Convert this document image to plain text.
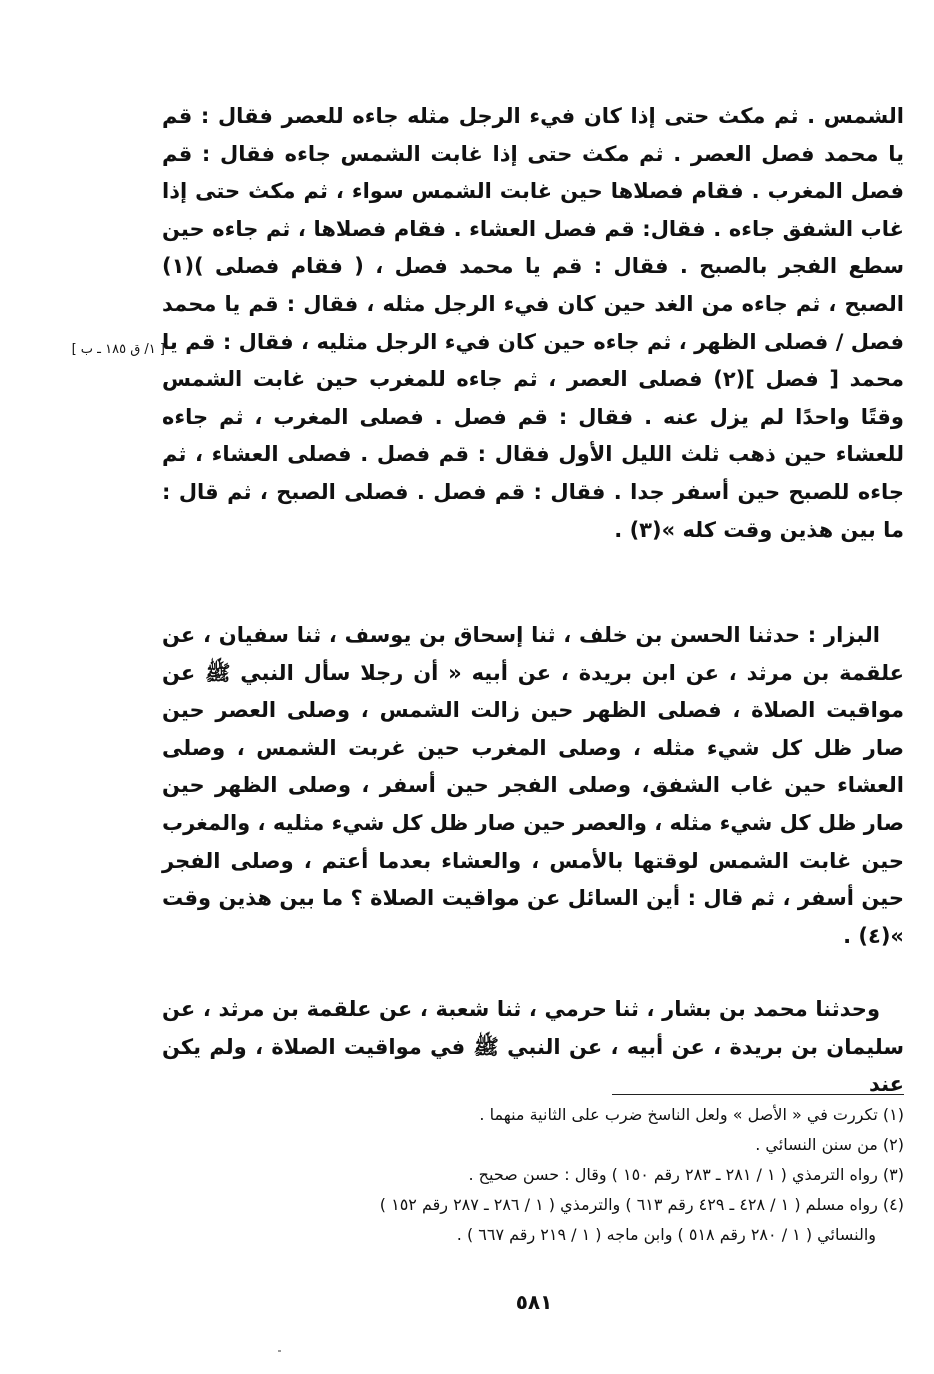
[ ١/ ق ١٨٥ ـ ب ]

الشمس . ثم مكث حتى إذا كان فيء الرجل مثله جاءه للعصر فقال : قم يا محمد فصل العصر . ثم مكث حتى إذا غابت الشمس جاءه فقال : قم فصل المغرب . فقام فصلاها حين غابت الشمس سواء ، ثم مكث حتى إذا غاب الشفق جاءه . فقال: قم فصل العشاء . فقام فصلاها ، ثم جاءه حين سطع الفجر بالصبح . فقال : قم يا محمد فصل ، ( فقام فصلى )(١) الصبح ، ثم جاءه من الغد حين كان فيء الرجل مثله ، فقال : قم يا محمد فصل / فصلى الظهر ، ثم جاءه حين كان فيء الرجل مثليه ، فقال : قم يا محمد [ فصل ](٢) فصلى العصر ، ثم جاءه للمغرب حين غابت الشمس وقتًا واحدًا لم يزل عنه . فقال : قم فصل . فصلى المغرب ، ثم جاءه للعشاء حين ذهب ثلث الليل الأول فقال : قم فصل . فصلى العشاء ، ثم جاءه للصبح حين أسفر جدا . فقال : قم فصل . فصلى الصبح ، ثم قال : ما بين هذين وقت كله »(٣) .

البزار : حدثنا الحسن بن خلف ، ثنا إسحاق بن يوسف ، ثنا سفيان ، عن علقمة بن مرثد ، عن ابن بريدة ، عن أبيه « أن رجلا سأل النبي ﷺ عن مواقيت الصلاة ، فصلى الظهر حين زالت الشمس ، وصلى العصر حين صار ظل كل شيء مثله ، وصلى المغرب حين غربت الشمس ، وصلى العشاء حين غاب الشفق، وصلى الفجر حين أسفر ، وصلى الظهر حين صار ظل كل شيء مثله ، والعصر حين صار ظل كل شيء مثليه ، والمغرب حين غابت الشمس لوقتها بالأمس ، والعشاء بعدما أعتم ، وصلى الفجر حين أسفر ، ثم قال : أين السائل عن مواقيت الصلاة ؟ ما بين هذين وقت »(٤) .

وحدثنا محمد بن بشار ، ثنا حرمي ، ثنا شعبة ، عن علقمة بن مرثد ، عن سليمان بن بريدة ، عن أبيه ، عن النبي ﷺ في مواقيت الصلاة ، ولم يكن عند

(١) تكررت في « الأصل » ولعل الناسخ ضرب على الثانية منهما .

(٢) من سنن النسائي .

(٣) رواه الترمذي ( ١ / ٢٨١ ـ ٢٨٣ رقم ١٥٠ ) وقال : حسن صحيح .

(٤) رواه مسلم ( ١ / ٤٢٨ ـ ٤٢٩ رقم ٦١٣ ) والترمذي ( ١ / ٢٨٦ ـ ٢٨٧ رقم ١٥٢ )

والنسائي ( ١ / ٢٨٠ رقم ٥١٨ ) وابن ماجه ( ١ / ٢١٩ رقم ٦٦٧ ) .

٥٨١
